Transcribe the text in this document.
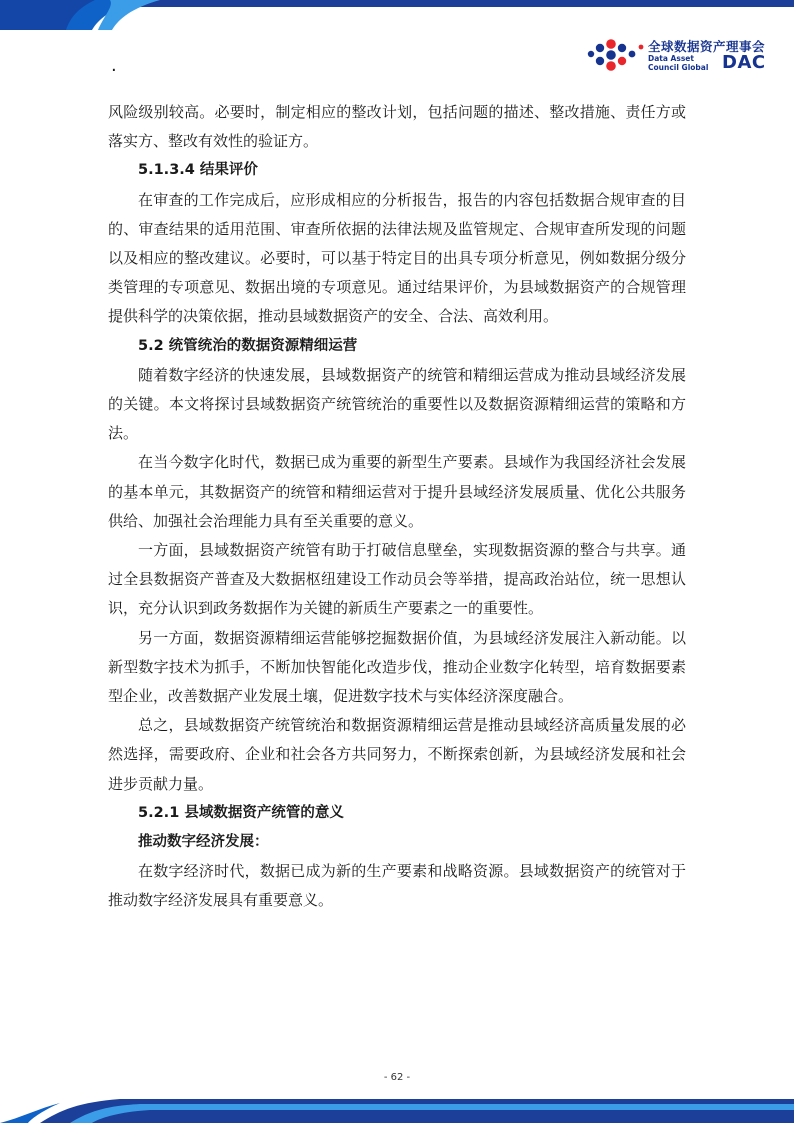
·
全球数据资产理事会
Data Asset
Council Global DAC

风险级别较高。必要时，制定相应的整改计划，包括问题的描述、整改措施、责任方或落实方、整改有效性的验证方。

5.1.3.4 结果评价

在审查的工作完成后，应形成相应的分析报告，报告的内容包括数据合规审查的目的、审查结果的适用范围、审查所依据的法律法规及监管规定、合规审查所发现的问题以及相应的整改建议。必要时，可以基于特定目的出具专项分析意见，例如数据分级分类管理的专项意见、数据出境的专项意见。通过结果评价，为县域数据资产的合规管理提供科学的决策依据，推动县域数据资产的安全、合法、高效利用。

5.2 统管统治的数据资源精细运营

随着数字经济的快速发展，县域数据资产的统管和精细运营成为推动县域经济发展的关键。本文将探讨县域数据资产统管统治的重要性以及数据资源精细运营的策略和方法。

在当今数字化时代，数据已成为重要的新型生产要素。县域作为我国经济社会发展的基本单元，其数据资产的统管和精细运营对于提升县域经济发展质量、优化公共服务供给、加强社会治理能力具有至关重要的意义。

一方面，县域数据资产统管有助于打破信息壁垒，实现数据资源的整合与共享。通过全县数据资产普查及大数据枢纽建设工作动员会等举措，提高政治站位，统一思想认识，充分认识到政务数据作为关键的新质生产要素之一的重要性。

另一方面，数据资源精细运营能够挖掘数据价值，为县域经济发展注入新动能。以新型数字技术为抓手，不断加快智能化改造步伐，推动企业数字化转型，培育数据要素型企业，改善数据产业发展土壤，促进数字技术与实体经济深度融合。

总之，县域数据资产统管统治和数据资源精细运营是推动县域经济高质量发展的必然选择，需要政府、企业和社会各方共同努力，不断探索创新，为县域经济发展和社会进步贡献力量。

5.2.1 县域数据资产统管的意义

推动数字经济发展：

在数字经济时代，数据已成为新的生产要素和战略资源。县域数据资产的统管对于推动数字经济发展具有重要意义。

- 62 -
